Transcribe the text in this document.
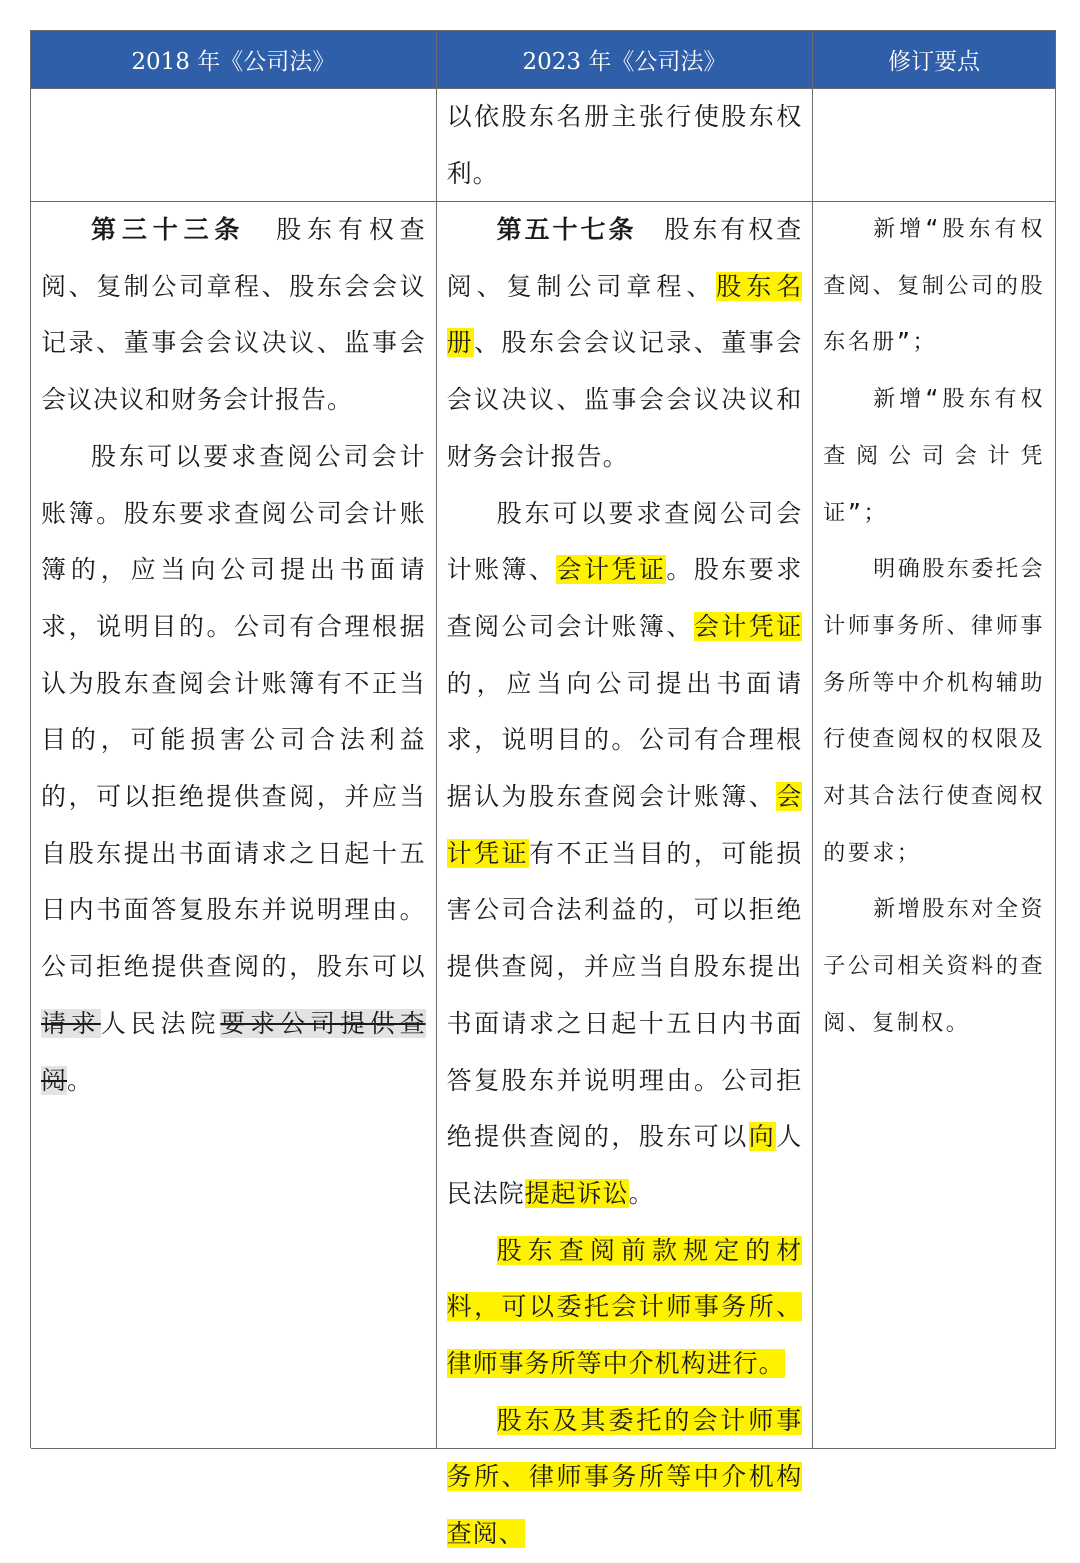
2018 年《公司法》	2023 年《公司法》	修订要点

以依股东名册主张行使股东权利。

第三十三条　股东有权查阅、复制公司章程、股东会会议记录、董事会会议决议、监事会会议决议和财务会计报告。

股东可以要求查阅公司会计账簿。股东要求查阅公司会计账簿的，应当向公司提出书面请求，说明目的。公司有合理根据认为股东查阅会计账簿有不正当目的，可能损害公司合法利益的，可以拒绝提供查阅，并应当自股东提出书面请求之日起十五日内书面答复股东并说明理由。公司拒绝提供查阅的，股东可以请求人民法院要求公司提供查阅。

第五十七条　股东有权查阅、复制公司章程、股东名册、股东会会议记录、董事会会议决议、监事会会议决议和财务会计报告。

股东可以要求查阅公司会计账簿、会计凭证。股东要求查阅公司会计账簿、会计凭证的，应当向公司提出书面请求，说明目的。公司有合理根据认为股东查阅会计账簿、会计凭证有不正当目的，可能损害公司合法利益的，可以拒绝提供查阅，并应当自股东提出书面请求之日起十五日内书面答复股东并说明理由。公司拒绝提供查阅的，股东可以向人民法院提起诉讼。

股东查阅前款规定的材料，可以委托会计师事务所、律师事务所等中介机构进行。

股东及其委托的会计师事务所、律师事务所等中介机构查阅、

新增“股东有权查阅、复制公司的股东名册”；

新增“股东有权查阅公司会计凭证”；

明确股东委托会计师事务所、律师事务所等中介机构辅助行使查阅权的权限及对其合法行使查阅权的要求；

新增股东对全资子公司相关资料的查阅、复制权。
